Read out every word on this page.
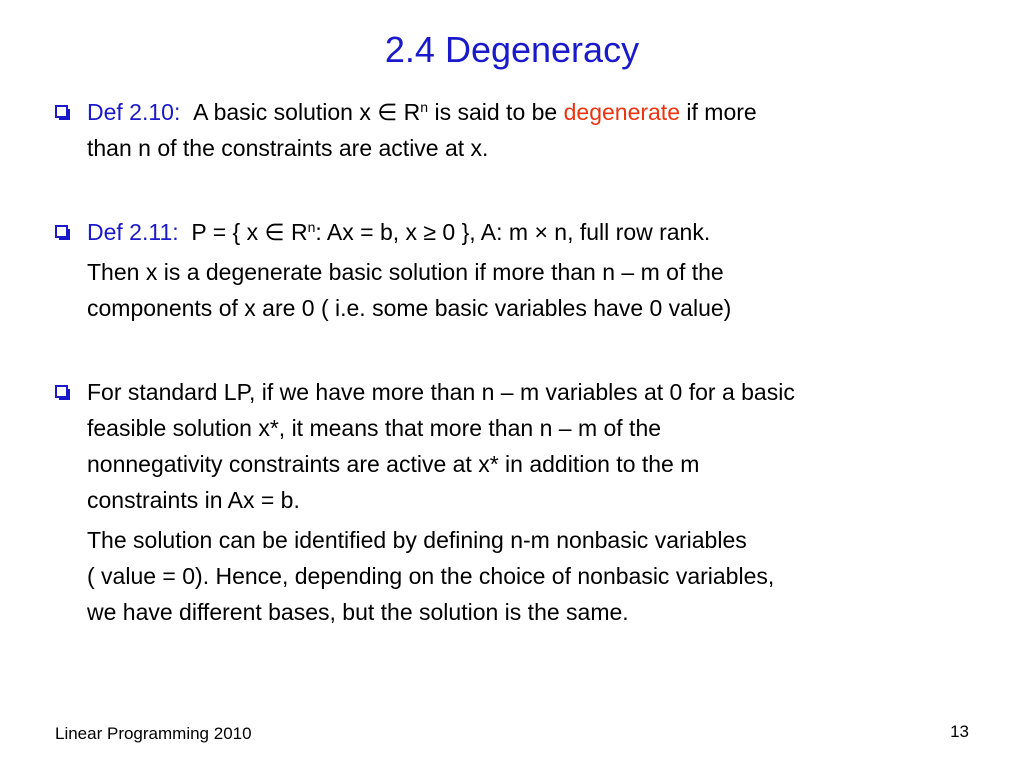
2.4 Degeneracy
Def 2.10: A basic solution x ∈ $R^n$ is said to be degenerate if more
than n of the constraints are active at x.
Def 2.11: P = { x ∈ $R^n$: Ax = b, x ≥ 0 }, A: m × n, full row rank.
Then x is a degenerate basic solution if more than n – m of the
components of x are 0 ( i.e. some basic variables have 0 value)
For standard LP, if we have more than n – m variables at 0 for a basic
feasible solution x*, it means that more than n – m of the
nonnegativity constraints are active at x* in addition to the m
constraints in Ax = b.
The solution can be identified by defining n-m nonbasic variables
( value = 0). Hence, depending on the choice of nonbasic variables,
we have different bases, but the solution is the same.
Linear Programming 2010	13
